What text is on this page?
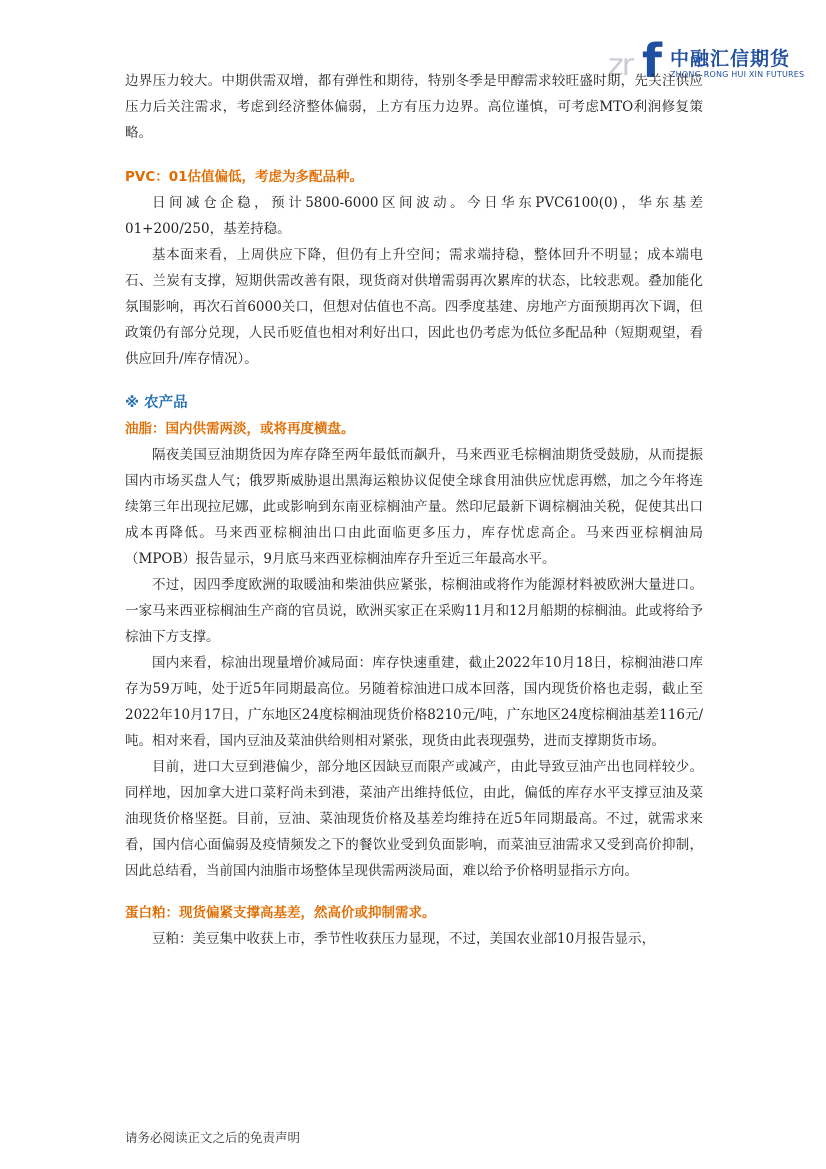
zr f 中融汇信期货
ZHONG RONG HUI XIN FUTURES

边界压力较大。中期供需双增，都有弹性和期待，特别冬季是甲醇需求较旺盛时期，先关注供应压力后关注需求，考虑到经济整体偏弱，上方有压力边界。高位谨慎，可考虑MTO利润修复策略。

PVC：01估值偏低，考虑为多配品种。

日间减仓企稳，预计5800-6000区间波动。今日华东PVC6100(0)，华东基差01+200/250，基差持稳。

基本面来看，上周供应下降，但仍有上升空间；需求端持稳，整体回升不明显；成本端电石、兰炭有支撑，短期供需改善有限，现货商对供增需弱再次累库的状态，比较悲观。叠加能化氛围影响，再次石首6000关口，但想对估值也不高。四季度基建、房地产方面预期再次下调，但政策仍有部分兑现，人民币贬值也相对利好出口，因此也仍考虑为低位多配品种（短期观望，看供应回升/库存情况）。

※ 农产品

油脂：国内供需两淡，或将再度横盘。

隔夜美国豆油期货因为库存降至两年最低而飙升，马来西亚毛棕榈油期货受鼓励，从而提振国内市场买盘人气；俄罗斯威胁退出黑海运粮协议促使全球食用油供应忧虑再燃，加之今年将连续第三年出现拉尼娜，此或影响到东南亚棕榈油产量。然印尼最新下调棕榈油关税，促使其出口成本再降低。马来西亚棕榈油出口由此面临更多压力，库存忧虑高企。马来西亚棕榈油局（MPOB）报告显示，9月底马来西亚棕榈油库存升至近三年最高水平。

不过，因四季度欧洲的取暖油和柴油供应紧张，棕榈油或将作为能源材料被欧洲大量进口。一家马来西亚棕榈油生产商的官员说，欧洲买家正在采购11月和12月船期的棕榈油。此或将给予棕油下方支撑。

国内来看，棕油出现量增价减局面：库存快速重建，截止2022年10月18日，棕榈油港口库存为59万吨，处于近5年同期最高位。另随着棕油进口成本回落，国内现货价格也走弱，截止至2022年10月17日，广东地区24度棕榈油现货价格8210元/吨，广东地区24度棕榈油基差116元/吨。相对来看，国内豆油及菜油供给则相对紧张，现货由此表现强势，进而支撑期货市场。

目前，进口大豆到港偏少，部分地区因缺豆而限产或减产，由此导致豆油产出也同样较少。同样地，因加拿大进口菜籽尚未到港，菜油产出维持低位，由此，偏低的库存水平支撑豆油及菜油现货价格坚挺。目前，豆油、菜油现货价格及基差均维持在近5年同期最高。不过，就需求来看，国内信心面偏弱及疫情频发之下的餐饮业受到负面影响，而菜油豆油需求又受到高价抑制，因此总结看，当前国内油脂市场整体呈现供需两淡局面，难以给予价格明显指示方向。

蛋白粕：现货偏紧支撑高基差，然高价或抑制需求。

豆粕：美豆集中收获上市，季节性收获压力显现，不过，美国农业部10月报告显示，

请务必阅读正文之后的免责声明
